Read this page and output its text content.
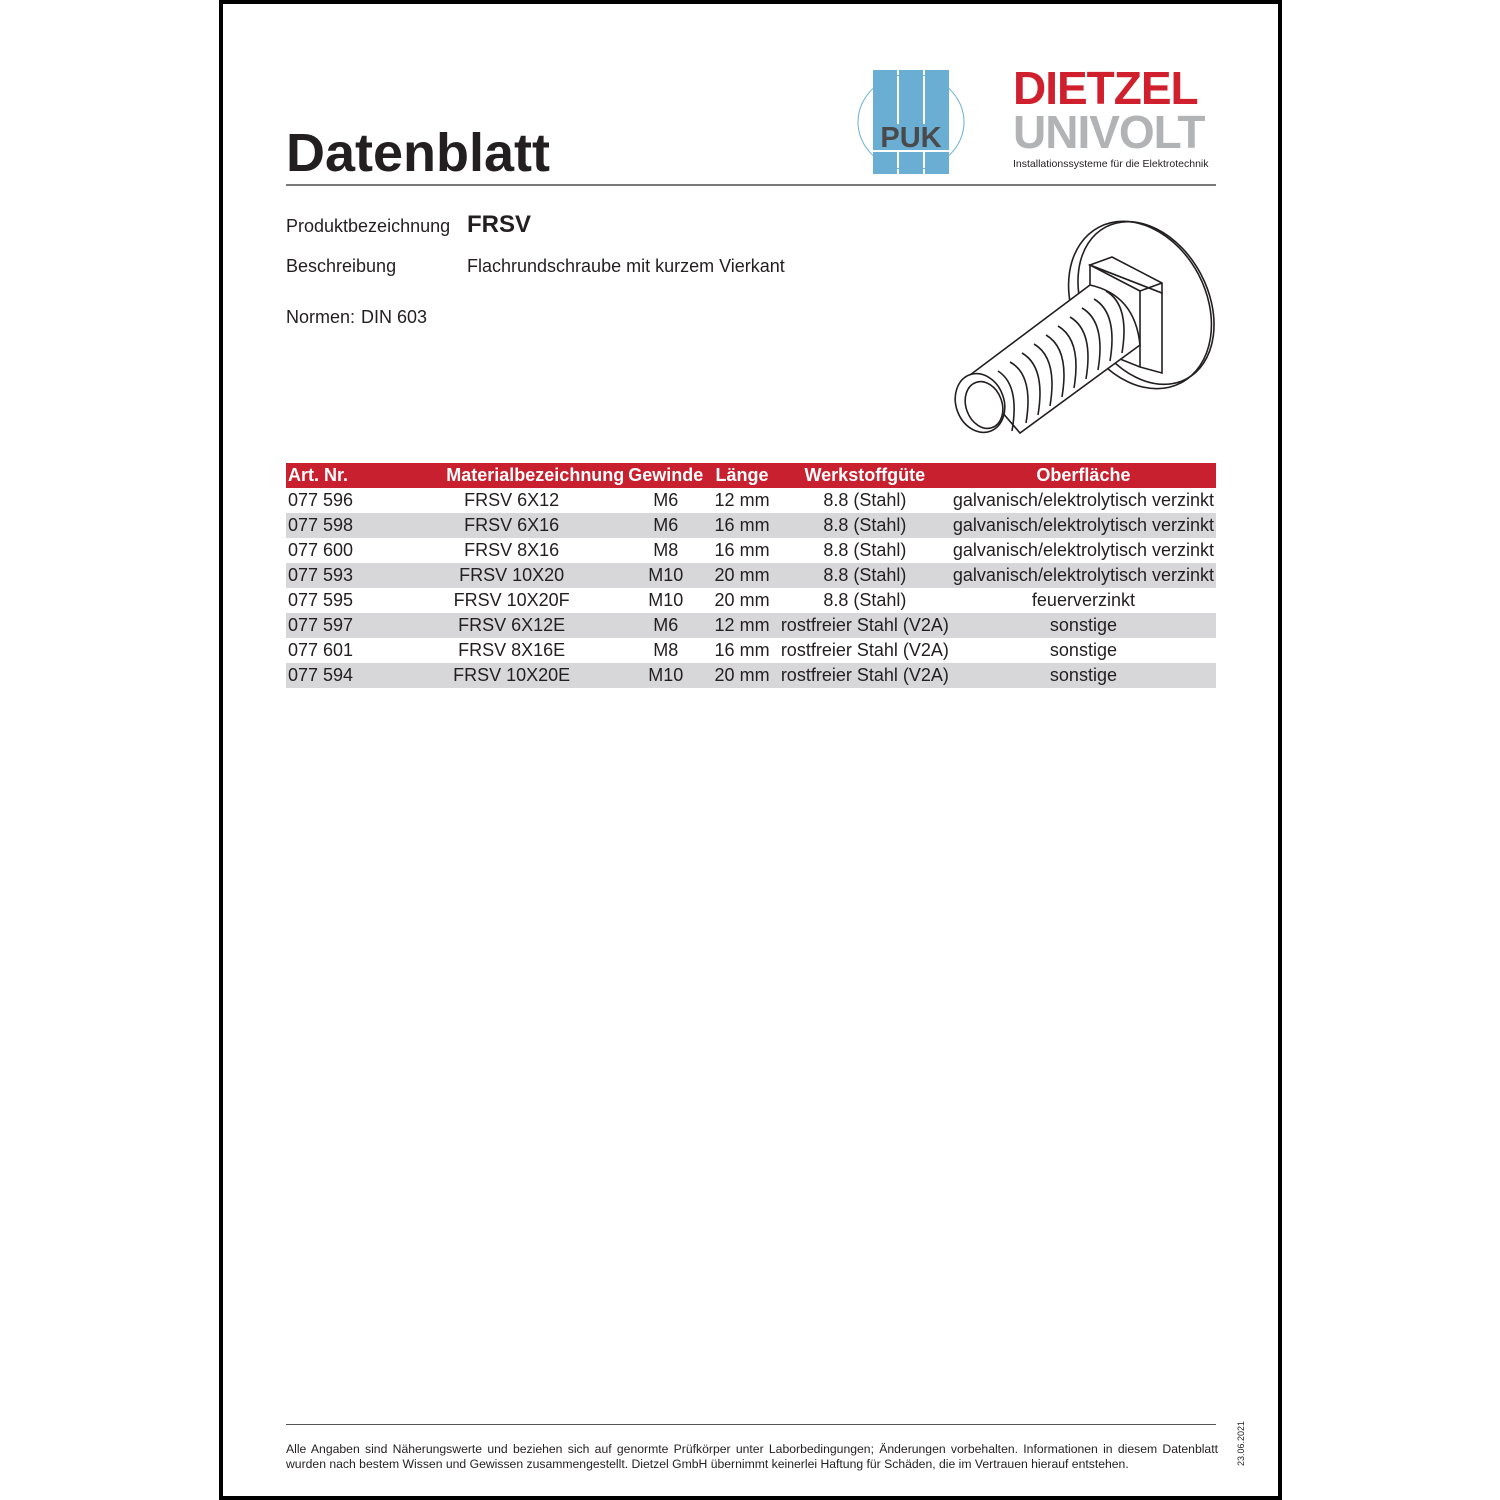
Datenblatt	PUK
DIETZEL
UNIVOLT
Installationssysteme für die Elektrotechnik
Produktbezeichnung FRSV
Beschreibung	Flachrundschraube mit kurzem Vierkant
Normen: DIN 603
Art. Nr.	Materialbezeichnung	Gewinde	Länge	Werkstoffgüte	Oberfläche
077 596	FRSV 6X12	M6	12 mm	8.8 (Stahl)	galvanisch/elektrolytisch verzinkt
077 598	FRSV 6X16	M6	16 mm	8.8 (Stahl)	galvanisch/elektrolytisch verzinkt
077 600	FRSV 8X16	M8	16 mm	8.8 (Stahl)	galvanisch/elektrolytisch verzinkt
077 593	FRSV 10X20	M10	20 mm	8.8 (Stahl)	galvanisch/elektrolytisch verzinkt
077 595	FRSV 10X20F	M10	20 mm	8.8 (Stahl)	feuerverzinkt
077 597	FRSV 6X12E	M6	12 mm	rostfreier Stahl (V2A)	sonstige
077 601	FRSV 8X16E	M8	16 mm	rostfreier Stahl (V2A)	sonstige
077 594	FRSV 10X20E	M10	20 mm	rostfreier Stahl (V2A)	sonstige
Alle Angaben sind Näherungswerte und beziehen sich auf genormte Prüfkörper unter Laborbedingungen; Änderungen vorbehalten. Informationen in diesem Datenblatt wurden nach bestem Wissen und Gewissen zusammengestellt. Dietzel GmbH übernimmt keinerlei Haftung für Schäden, die im Vertrauen hierauf entstehen.	23.06.2021
